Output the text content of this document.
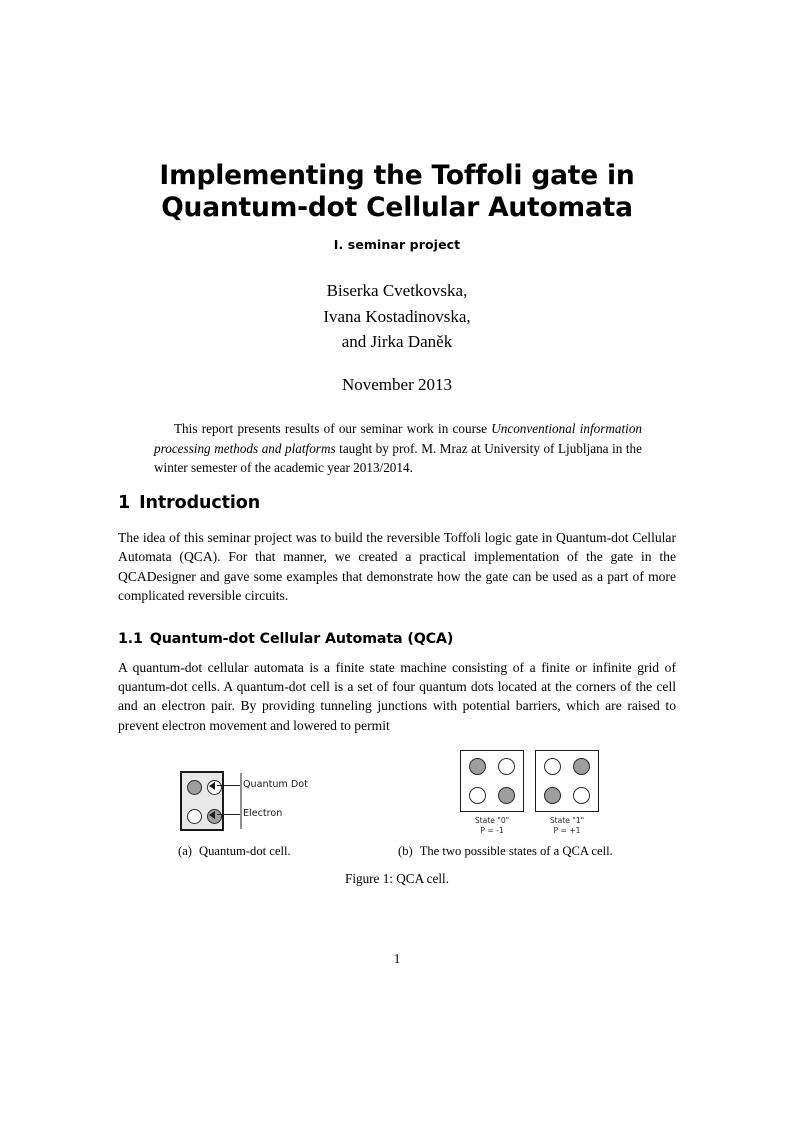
Implementing the Toffoli gate in
Quantum-dot Cellular Automata
I. seminar project
Biserka Cvetkovska,
Ivana Kostadinovska,
and Jirka Daněk
November 2013
This report presents results of our seminar work in course Unconventional information processing methods and platforms taught by prof. M. Mraz at University of Ljubljana in the winter semester of the academic year 2013/2014.
1 Introduction

The idea of this seminar project was to build the reversible Toffoli logic gate in Quantum-dot Cellular Automata (QCA). For that manner, we created a practical implementation of the gate in the QCADesigner and gave some examples that demonstrate how the gate can be used as a part of more complicated reversible circuits.

1.1 Quantum-dot Cellular Automata (QCA)

A quantum-dot cellular automata is a finite state machine consisting of a finite or infinite grid of quantum-dot cells. A quantum-dot cell is a set of four quantum dots located at the corners of the cell and an electron pair. By providing tunneling junctions with potential barriers, which are raised to prevent electron movement and lowered to permit

Quantum Dot
Electron
State "0"
P = -1
State "1"
P = +1
(a) Quantum-dot cell.	(b) The two possible states of a QCA cell.
Figure 1: QCA cell.
1
